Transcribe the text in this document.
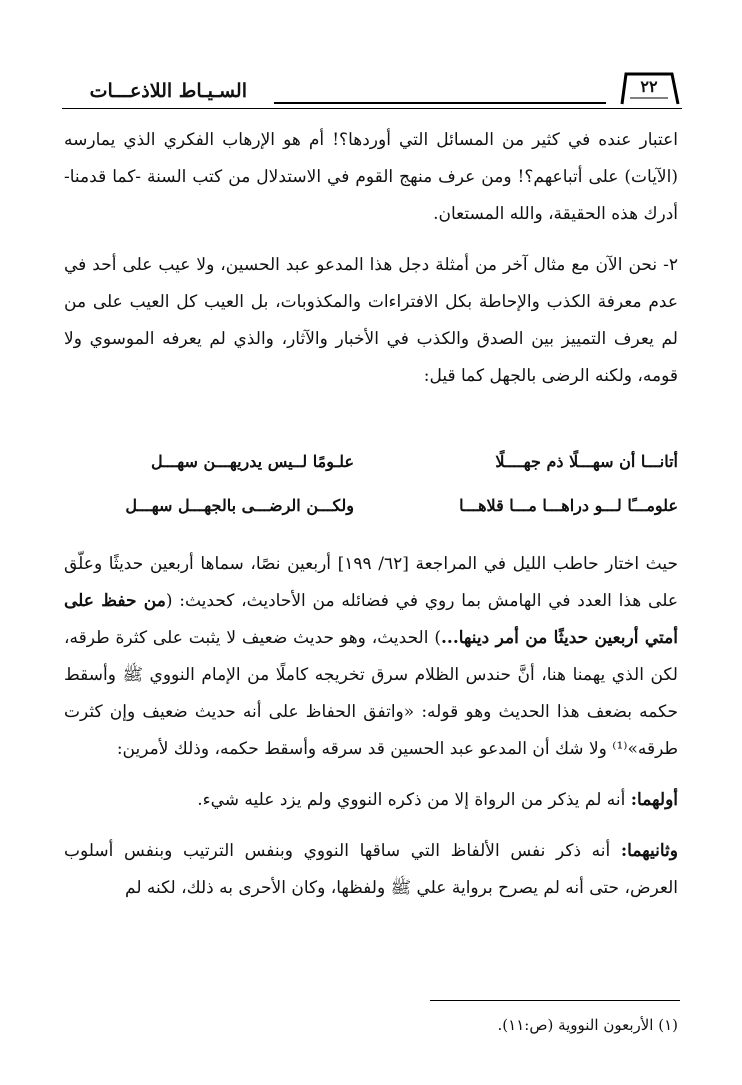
السـيـاط اللاذعـــات	٢٢

اعتبار عنده في كثير من المسائل التي أوردها؟! أم هو الإرهاب الفكري الذي يمارسه (الآيات) على أتباعهم؟! ومن عرف منهج القوم في الاستدلال من كتب السنة -كما قدمنا- أدرك هذه الحقيقة، والله المستعان.

٢- نحن الآن مع مثال آخر من أمثلة دجل هذا المدعو عبد الحسين، ولا عيب على أحد في عدم معرفة الكذب والإحاطة بكل الافتراءات والمكذوبات، بل العيب كل العيب على من لم يعرف التمييز بين الصدق والكذب في الأخبار والآثار، والذي لم يعرفه الموسوي ولا قومه، ولكنه الرضى بالجهل كما قيل:

أتانـــا أن سهـــلًا ذم جهــــلًا
علـومًا لــيس يدريهـــن سهـــل
علومـــًا لـــو دراهـــا مـــا قلاهـــا
ولكـــن الرضـــى بالجهـــل سهـــل

حيث اختار حاطب الليل في المراجعة [٦٢/ ١٩٩] أربعين نصًا، سماها أربعين حديثًا وعلّق على هذا العدد في الهامش بما روي في فضائله من الأحاديث، كحديث: (من حفظ على أمتي أربعين حديثًا من أمر دينها...) الحديث، وهو حديث ضعيف لا يثبت على كثرة طرقه، لكن الذي يهمنا هنا، أنَّ حندس الظلام سرق تخريجه كاملًا من الإمام النووي ﷺ وأسقط حكمه بضعف هذا الحديث وهو قوله: «واتفق الحفاظ على أنه حديث ضعيف وإن كثرت طرقه»⁽¹⁾ ولا شك أن المدعو عبد الحسين قد سرقه وأسقط حكمه، وذلك لأمرين:

أولهما: أنه لم يذكر من الرواة إلا من ذكره النووي ولم يزد عليه شيء.

وثانيهما: أنه ذكر نفس الألفاظ التي ساقها النووي وبنفس الترتيب وبنفس أسلوب العرض، حتى أنه لم يصرح برواية علي ﷺ ولفظها، وكان الأحرى به ذلك، لكنه لم

(١) الأربعون النووية (ص:١١).
